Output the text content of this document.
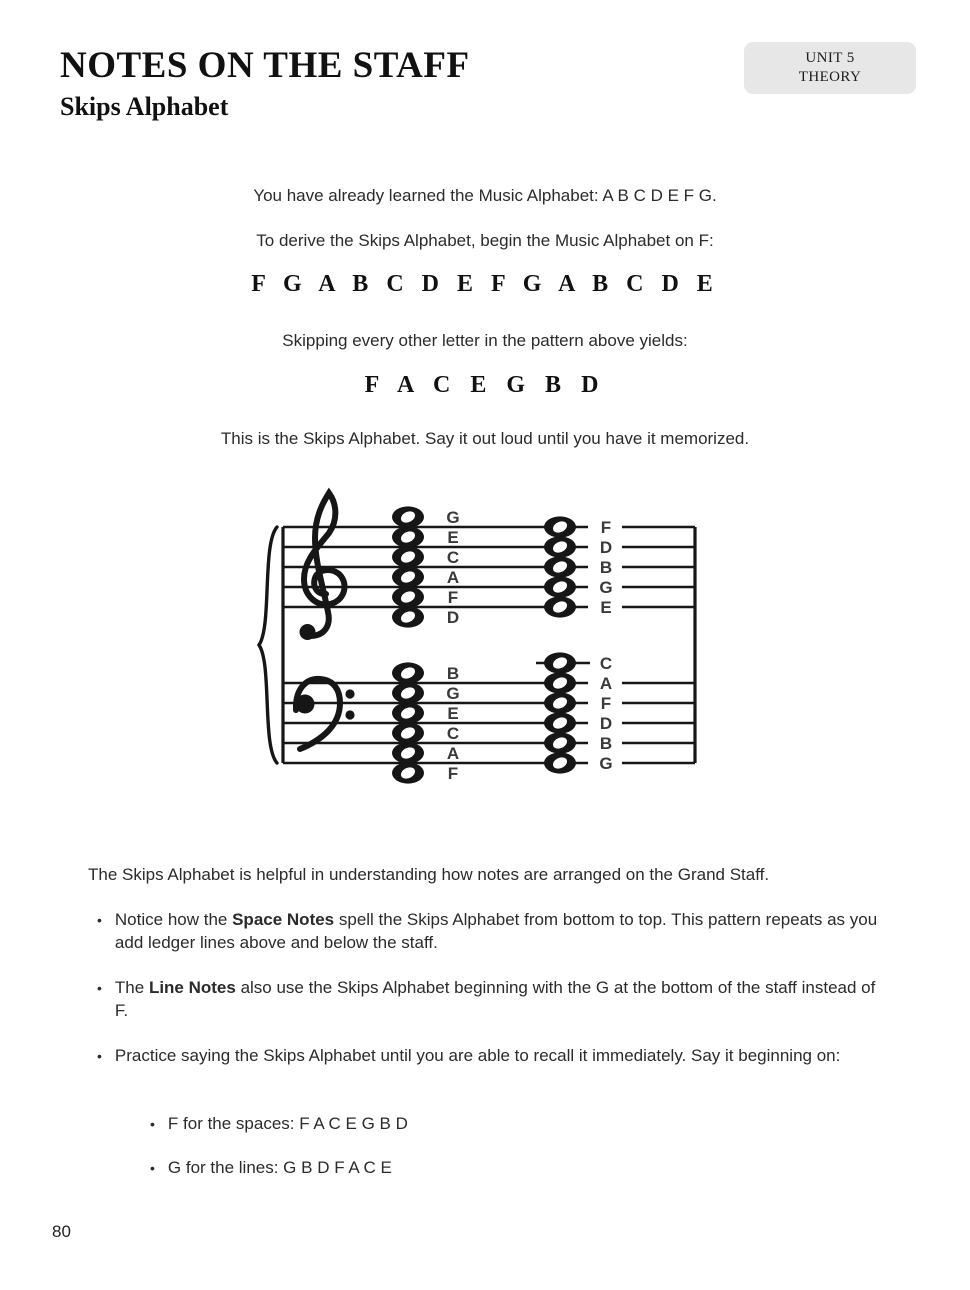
NOTES ON THE STAFF
Skips Alphabet
UNIT 5
THEORY

You have already learned the Music Alphabet: A B C D E F G.

To derive the Skips Alphabet, begin the Music Alphabet on F:

F G A B C D E F G A B C D E

Skipping every other letter in the pattern above yields:

F A C E G B D

This is the Skips Alphabet. Say it out loud until you have it memorized.

G
E
C
A
F
D
F
D
B
G
E
B
G
E
C
A
F
C
A
F
D
B
G

The Skips Alphabet is helpful in understanding how notes are arranged on the Grand Staff.

• Notice how the Space Notes spell the Skips Alphabet from bottom to top. This pattern repeats as you add ledger lines above and below the staff.
• The Line Notes also use the Skips Alphabet beginning with the G at the bottom of the staff instead of F.
• Practice saying the Skips Alphabet until you are able to recall it immediately. Say it beginning on:
• F for the spaces: F A C E G B D
• G for the lines: G B D F A C E
80
